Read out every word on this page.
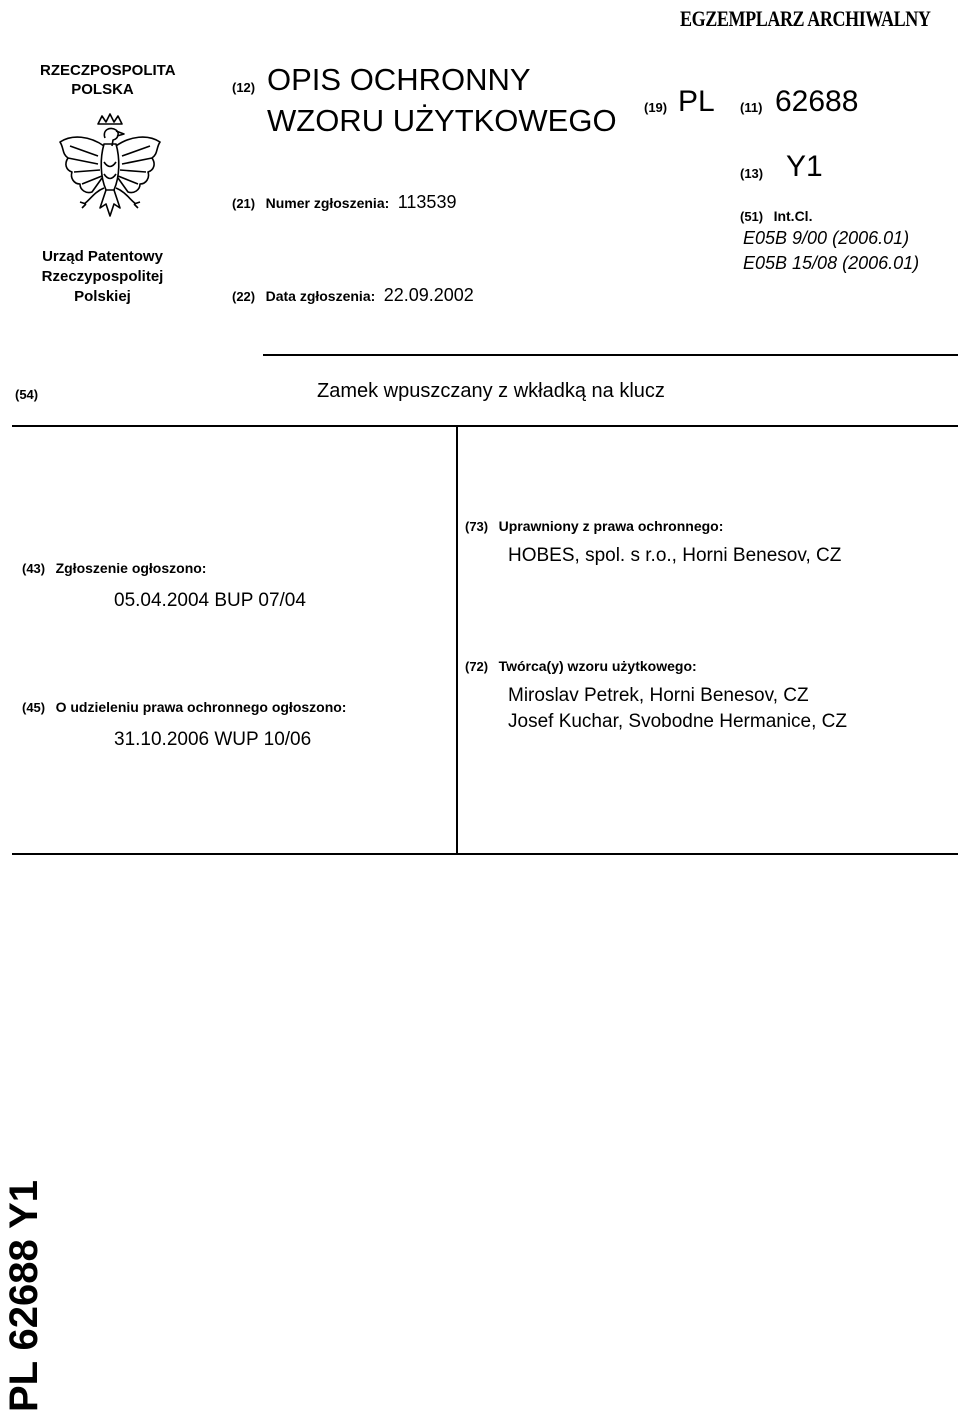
EGZEMPLARZ ARCHIWALNY
RZECZPOSPOLITA
POLSKA
Urząd Patentowy
Rzeczypospolitej
Polskiej
(12) OPIS OCHRONNY
WZORU UŻYTKOWEGO (19) PL (11) 62688
(13) Y1
(21) Numer zgłoszenia: 113539
(22) Data zgłoszenia: 22.09.2002
(51) Int.Cl.
E05B 9/00 (2006.01)
E05B 15/08 (2006.01)
(54)	Zamek wpuszczany z wkładką na klucz
(43) Zgłoszenie ogłoszono:
05.04.2004 BUP 07/04
(45) O udzieleniu prawa ochronnego ogłoszono:
31.10.2006 WUP 10/06
(73) Uprawniony z prawa ochronnego:
HOBES, spol. s r.o., Horni Benesov, CZ
(72) Twórca(y) wzoru użytkowego:
Miroslav Petrek, Horni Benesov, CZ
Josef Kuchar, Svobodne Hermanice, CZ
PL 62688 Y1
